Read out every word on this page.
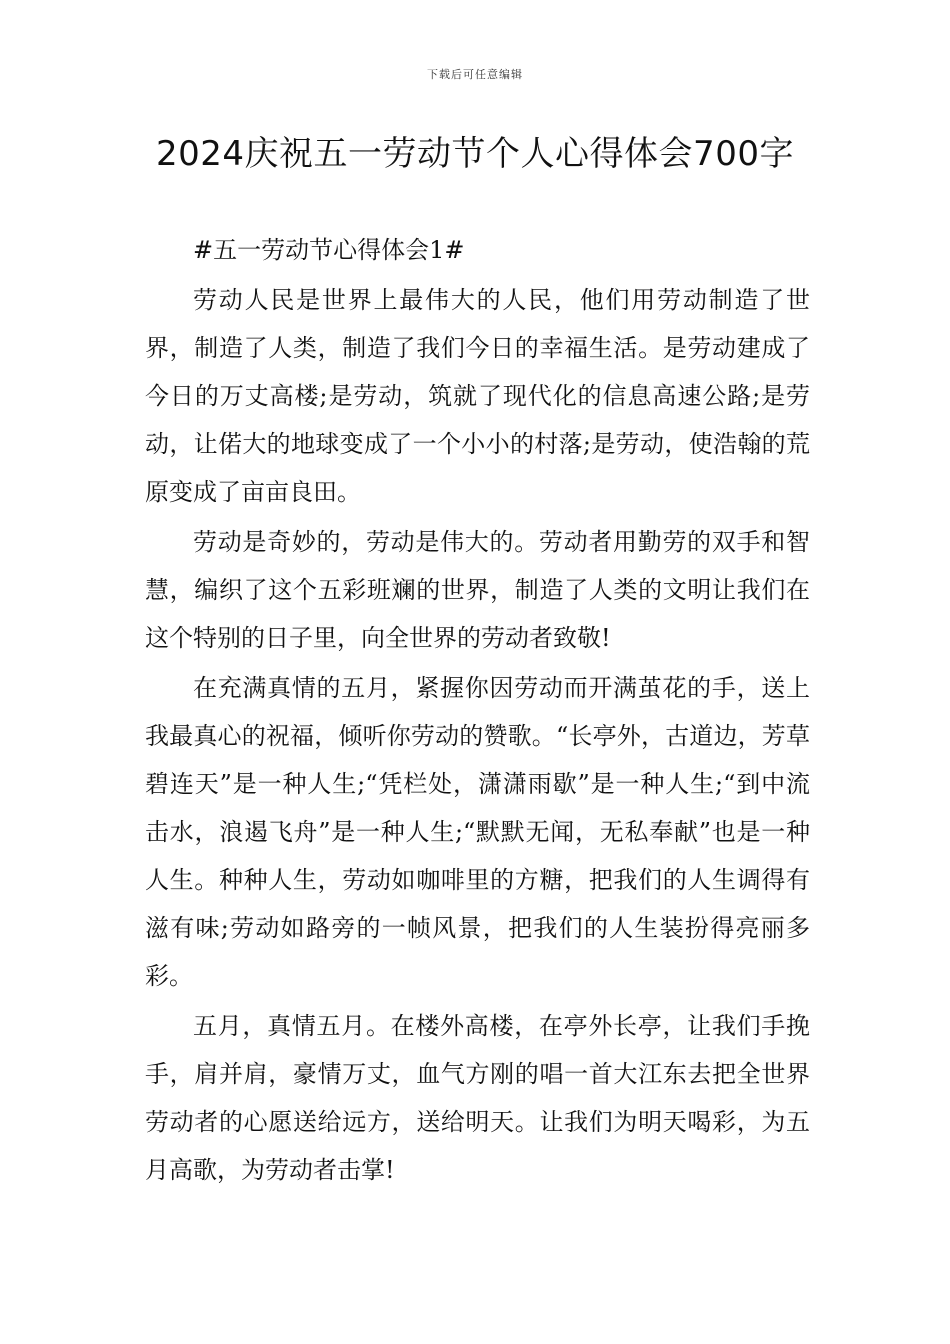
下载后可任意编辑
2024庆祝五一劳动节个人心得体会700字

#五一劳动节心得体会1#

劳动人民是世界上最伟大的人民，他们用劳动制造了世界，制造了人类，制造了我们今日的幸福生活。是劳动建成了今日的万丈高楼;是劳动，筑就了现代化的信息高速公路;是劳动，让偌大的地球变成了一个小小的村落;是劳动，使浩翰的荒原变成了亩亩良田。

劳动是奇妙的，劳动是伟大的。劳动者用勤劳的双手和智慧，编织了这个五彩班斓的世界，制造了人类的文明让我们在这个特别的日子里，向全世界的劳动者致敬!

在充满真情的五月，紧握你因劳动而开满茧花的手，送上我最真心的祝福，倾听你劳动的赞歌。“长亭外，古道边，芳草碧连天”是一种人生;“凭栏处，潇潇雨歇”是一种人生;“到中流击水，浪遏飞舟”是一种人生;“默默无闻，无私奉献”也是一种人生。种种人生，劳动如咖啡里的方糖，把我们的人生调得有滋有味;劳动如路旁的一帧风景，把我们的人生装扮得亮丽多彩。

五月，真情五月。在楼外高楼，在亭外长亭，让我们手挽手，肩并肩，豪情万丈，血气方刚的唱一首大江东去把全世界劳动者的心愿送给远方，送给明天。让我们为明天喝彩，为五月高歌，为劳动者击掌!
